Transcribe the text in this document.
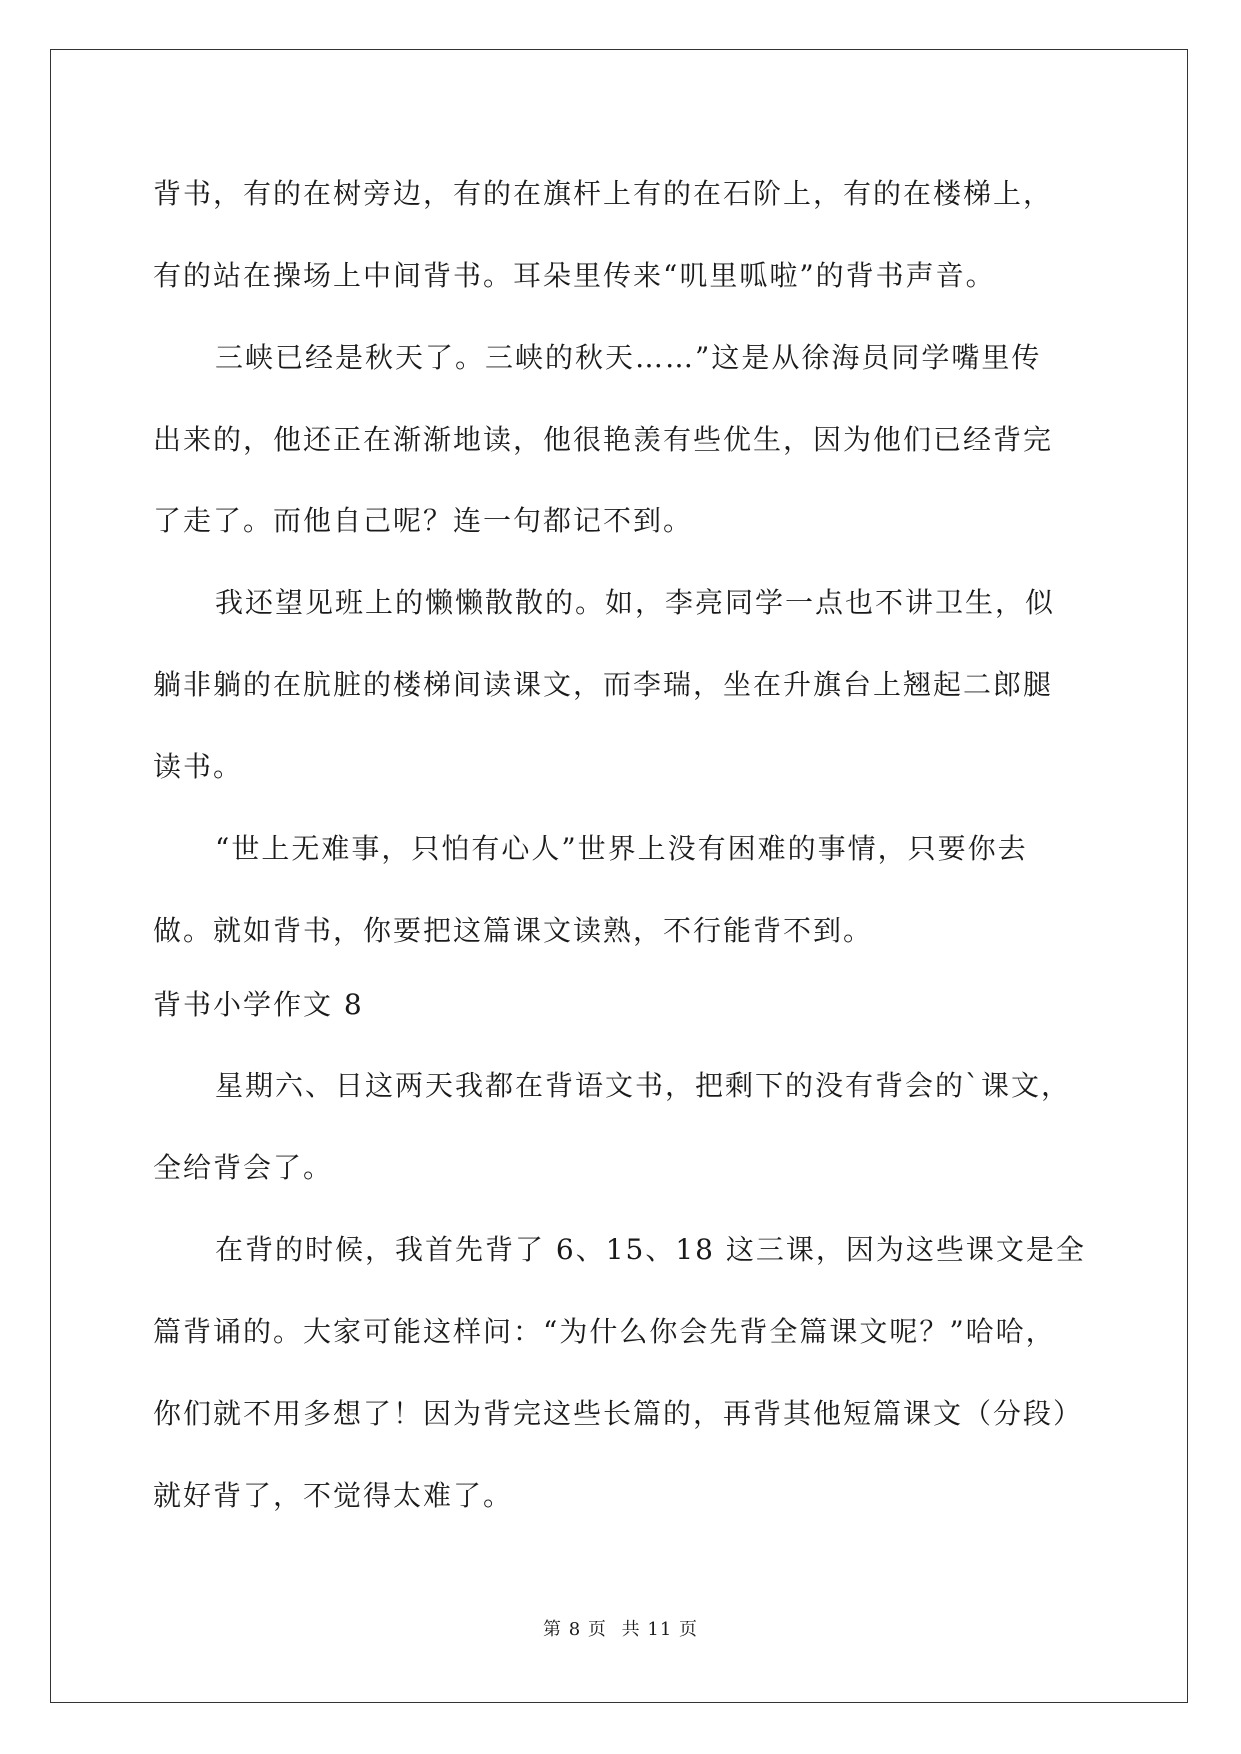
背书，有的在树旁边，有的在旗杆上有的在石阶上，有的在楼梯上，
有的站在操场上中间背书。耳朵里传来“叽里呱啦”的背书声音。
三峡已经是秋天了。三峡的秋天……”这是从徐海员同学嘴里传
出来的，他还正在渐渐地读，他很艳羡有些优生，因为他们已经背完
了走了。而他自己呢？连一句都记不到。
我还望见班上的懒懒散散的。如，李亮同学一点也不讲卫生，似
躺非躺的在肮脏的楼梯间读课文，而李瑞，坐在升旗台上翘起二郎腿
读书。
“世上无难事，只怕有心人”世界上没有困难的事情，只要你去
做。就如背书，你要把这篇课文读熟，不行能背不到。
背书小学作文 8
星期六、日这两天我都在背语文书，把剩下的没有背会的`课文，
全给背会了。
在背的时候，我首先背了 6、15、18 这三课，因为这些课文是全
篇背诵的。大家可能这样问：“为什么你会先背全篇课文呢？”哈哈，
你们就不用多想了！因为背完这些长篇的，再背其他短篇课文（分段）
就好背了，不觉得太难了。
第 8 页 共 11 页
